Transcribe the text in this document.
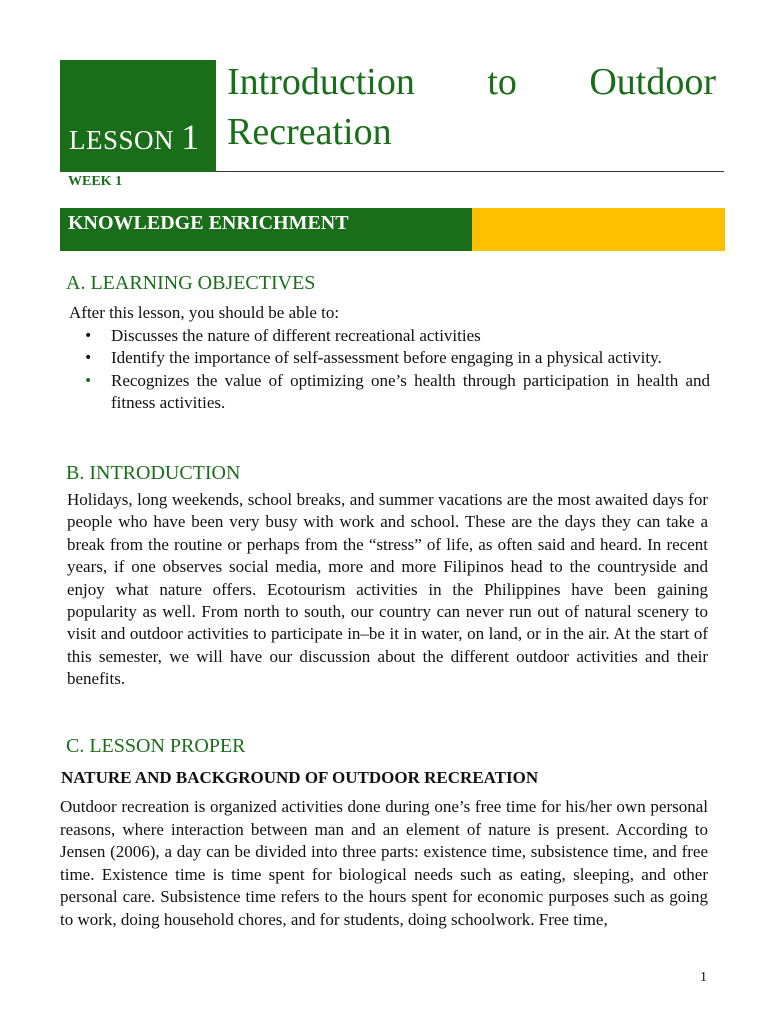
LESSON 1
Introduction to Outdoor
Recreation
WEEK 1
KNOWLEDGE ENRICHMENT
A. LEARNING OBJECTIVES
After this lesson, you should be able to:
• Discusses the nature of different recreational activities
• Identify the importance of self-assessment before engaging in a physical activity.
• Recognizes the value of optimizing one’s health through participation in health and fitness activities.
B. INTRODUCTION

Holidays, long weekends, school breaks, and summer vacations are the most awaited days for people who have been very busy with work and school. These are the days they can take a break from the routine or perhaps from the “stress” of life, as often said and heard. In recent years, if one observes social media, more and more Filipinos head to the countryside and enjoy what nature offers. Ecotourism activities in the Philippines have been gaining popularity as well. From north to south, our country can never run out of natural scenery to visit and outdoor activities to participate in–be it in water, on land, or in the air. At the start of this semester, we will have our discussion about the different outdoor activities and their benefits.

C. LESSON PROPER
NATURE AND BACKGROUND OF OUTDOOR RECREATION

Outdoor recreation is organized activities done during one’s free time for his/her own personal reasons, where interaction between man and an element of nature is present. According to Jensen (2006), a day can be divided into three parts: existence time, subsistence time, and free time. Existence time is time spent for biological needs such as eating, sleeping, and other personal care. Subsistence time refers to the hours spent for economic purposes such as going to work, doing household chores, and for students, doing schoolwork. Free time,

1
